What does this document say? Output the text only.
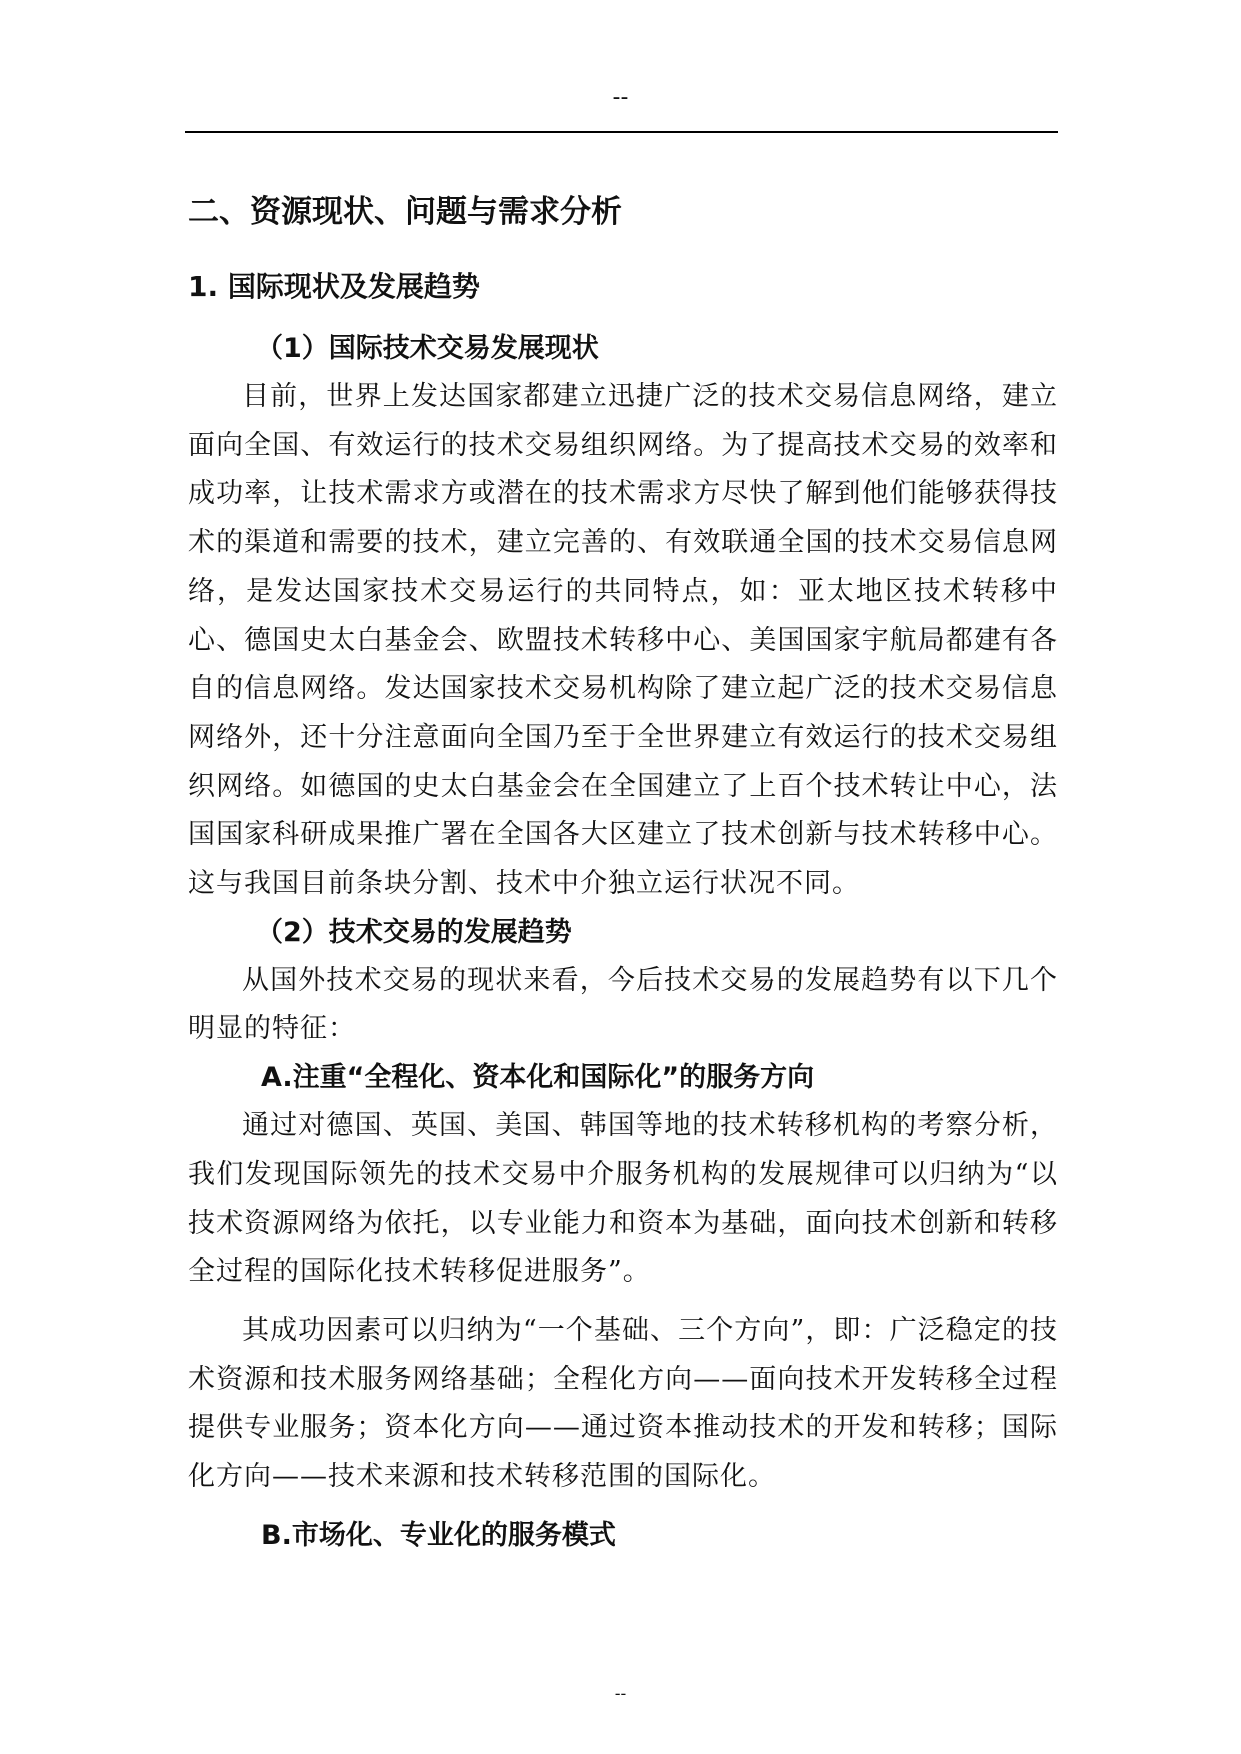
--
二、资源现状、问题与需求分析
1. 国际现状及发展趋势
（1）国际技术交易发展现状

目前，世界上发达国家都建立迅捷广泛的技术交易信息网络，建立面向全国、有效运行的技术交易组织网络。为了提高技术交易的效率和成功率，让技术需求方或潜在的技术需求方尽快了解到他们能够获得技术的渠道和需要的技术，建立完善的、有效联通全国的技术交易信息网络，是发达国家技术交易运行的共同特点，如：亚太地区技术转移中心、德国史太白基金会、欧盟技术转移中心、美国国家宇航局都建有各自的信息网络。发达国家技术交易机构除了建立起广泛的技术交易信息网络外，还十分注意面向全国乃至于全世界建立有效运行的技术交易组织网络。如德国的史太白基金会在全国建立了上百个技术转让中心，法国国家科研成果推广署在全国各大区建立了技术创新与技术转移中心。这与我国目前条块分割、技术中介独立运行状况不同。

（2）技术交易的发展趋势

从国外技术交易的现状来看，今后技术交易的发展趋势有以下几个明显的特征：

A.注重“全程化、资本化和国际化”的服务方向

通过对德国、英国、美国、韩国等地的技术转移机构的考察分析，我们发现国际领先的技术交易中介服务机构的发展规律可以归纳为“以技术资源网络为依托，以专业能力和资本为基础，面向技术创新和转移全过程的国际化技术转移促进服务”。

其成功因素可以归纳为“一个基础、三个方向”，即：广泛稳定的技术资源和技术服务网络基础；全程化方向——面向技术开发转移全过程提供专业服务；资本化方向——通过资本推动技术的开发和转移；国际化方向——技术来源和技术转移范围的国际化。

B.市场化、专业化的服务模式
--
